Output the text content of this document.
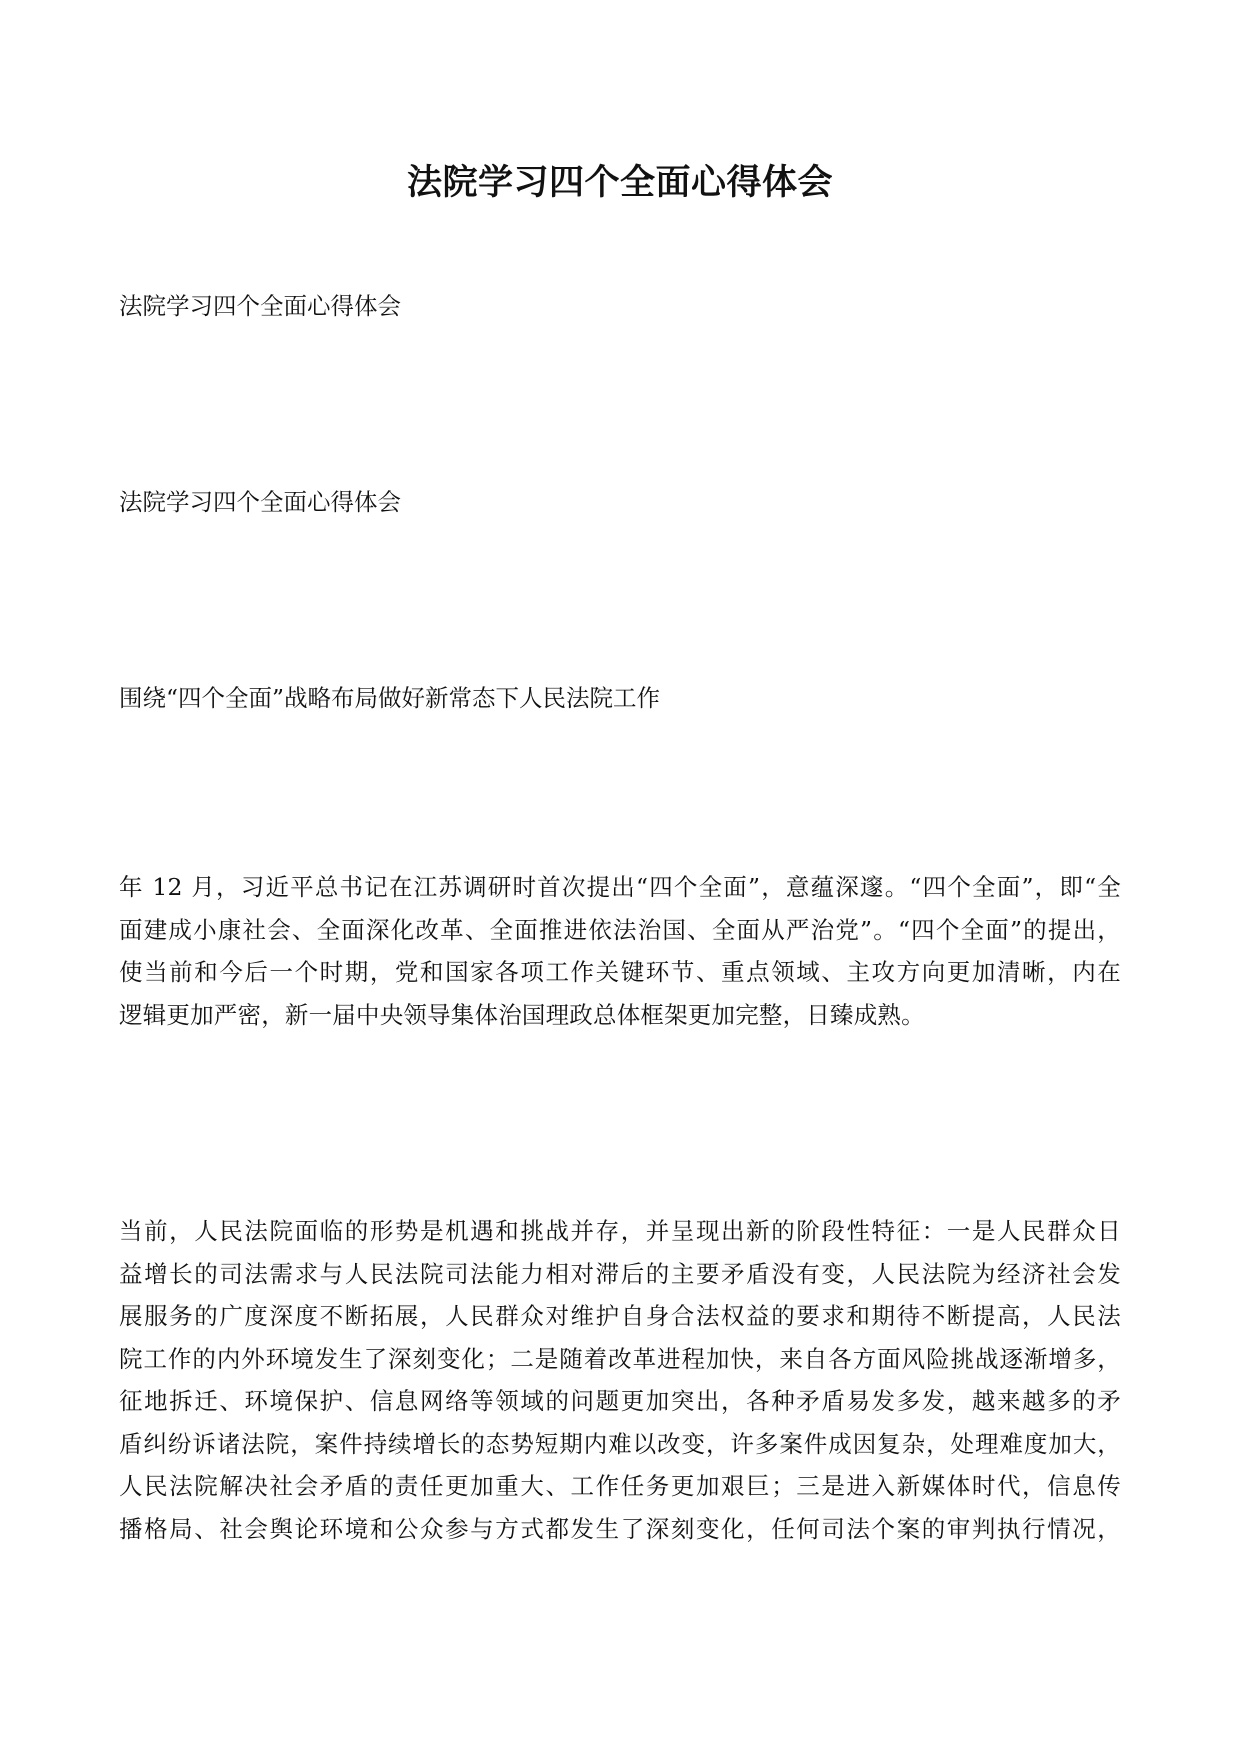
法院学习四个全面心得体会

法院学习四个全面心得体会

法院学习四个全面心得体会

围绕“四个全面”战略布局做好新常态下人民法院工作

年 12 月，习近平总书记在江苏调研时首次提出“四个全面”，意蕴深邃。“四个全面”，即“全
面建成小康社会、全面深化改革、全面推进依法治国、全面从严治党”。“四个全面”的提出，
使当前和今后一个时期，党和国家各项工作关键环节、重点领域、主攻方向更加清晰，内在
逻辑更加严密，新一届中央领导集体治国理政总体框架更加完整，日臻成熟。
当前，人民法院面临的形势是机遇和挑战并存，并呈现出新的阶段性特征：一是人民群众日
益增长的司法需求与人民法院司法能力相对滞后的主要矛盾没有变，人民法院为经济社会发
展服务的广度深度不断拓展，人民群众对维护自身合法权益的要求和期待不断提高，人民法
院工作的内外环境发生了深刻变化；二是随着改革进程加快，来自各方面风险挑战逐渐增多，
征地拆迁、环境保护、信息网络等领域的问题更加突出，各种矛盾易发多发，越来越多的矛
盾纠纷诉诸法院，案件持续增长的态势短期内难以改变，许多案件成因复杂，处理难度加大，
人民法院解决社会矛盾的责任更加重大、工作任务更加艰巨；三是进入新媒体时代，信息传
播格局、社会舆论环境和公众参与方式都发生了深刻变化，任何司法个案的审判执行情况，
